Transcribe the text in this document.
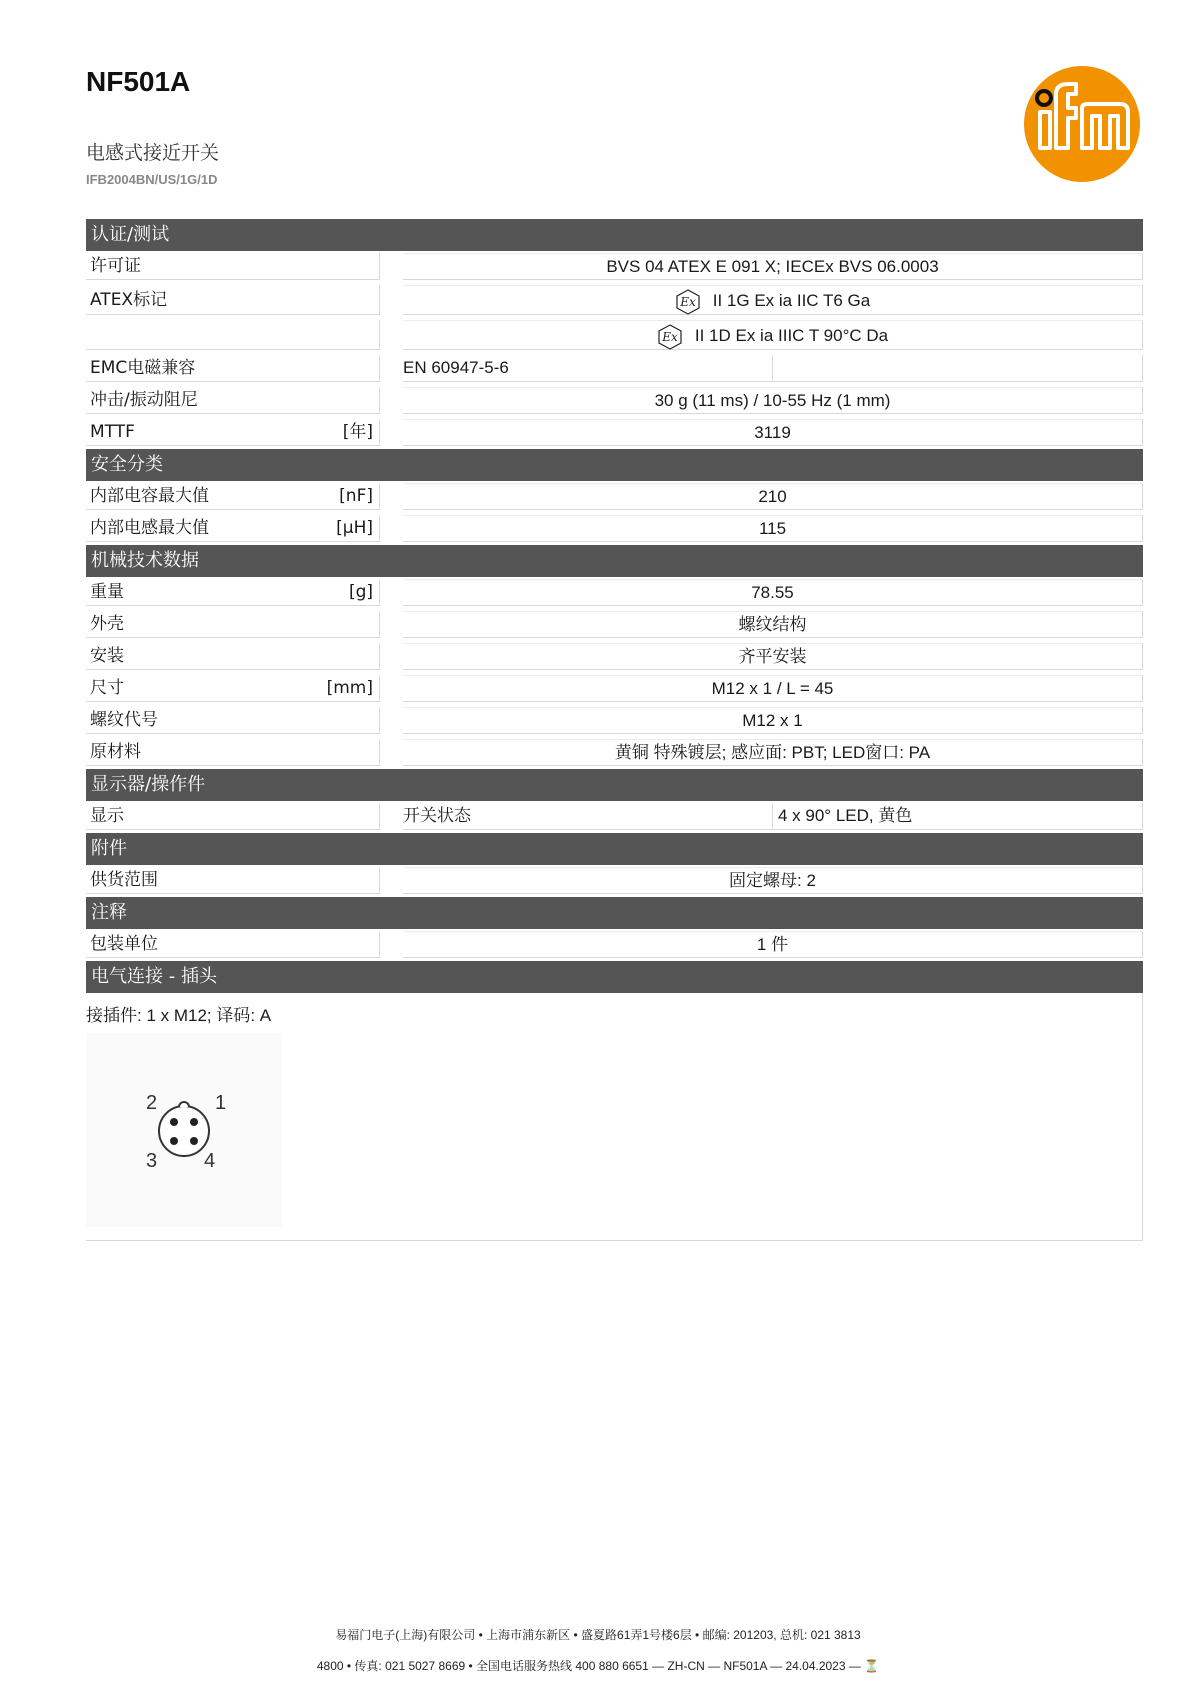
NF501A
电感式接近开关
IFB2004BN/US/1G/1D
认证/测试
许可证	BVS 04 ATEX E 091 X; IECEx BVS 06.0003
ATEX标记	Ex II 1G Ex ia IIC T6 Ga
Ex II 1D Ex ia IIIC T 90°C Da
EMC电磁兼容	EN 60947-5-6
冲击/振动阻尼	30 g (11 ms) / 10-55 Hz (1 mm)
MTTF	[年]	3119
安全分类
内部电容最大值	[nF]	210
内部电感最大值	[µH]	115
机械技术数据
重量	[g]	78.55
外壳	螺纹结构
安装	齐平安装
尺寸	[mm]	M12 x 1 / L = 45
螺纹代号	M12 x 1
原材料	黄铜 特殊镀层; 感应面: PBT; LED窗口: PA
显示器/操作件
显示	开关状态	4 x 90° LED, 黄色
附件
供货范围	固定螺母: 2
注释
包装单位	1 件
电气连接 - 插头
接插件: 1 x M12; 译码: A
1
2
3 4
易福门电子(上海)有限公司 • 上海市浦东新区 • 盛夏路61弄1号楼6层 • 邮编: 201203, 总机: 021 3813
4800 • 传真: 021 5027 8669 • 全国电话服务热线 400 880 6651 — ZH-CN — NF501A — 24.04.2023 — ⏳
